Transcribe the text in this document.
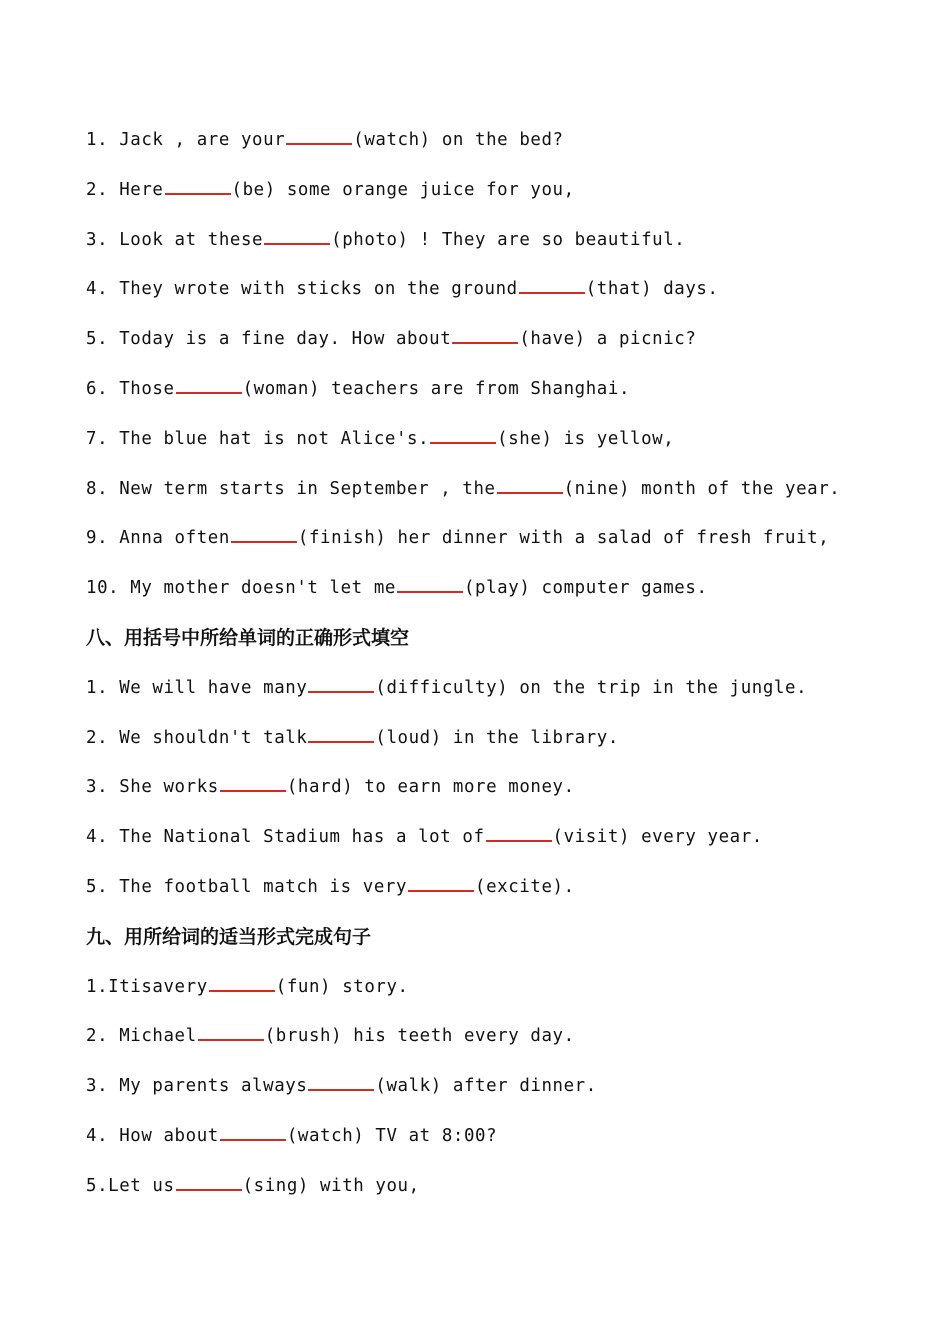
1. Jack , are your	(watch) on the bed?
2. Here	(be) some orange juice for you,
3. Look at these	(photo) ! They are so beautiful.
4. They wrote with sticks on the ground	(that) days.
5. Today is a fine day. How about	(have) a picnic?
6. Those	(woman) teachers are from Shanghai.
7. The blue hat is not Alice's.	(she) is yellow,
8. New term starts in September , the	(nine) month of the year.
9. Anna often	(finish) her dinner with a salad of fresh fruit,
10. My mother doesn't let me	(play) computer games.
八、用括号中所给单词的正确形式填空
1. We will have many	(difficulty) on the trip in the jungle.
2. We shouldn't talk	(loud) in the library.
3. She works	(hard) to earn more money.
4. The National Stadium has a lot of	(visit) every year.
5. The football match is very	(excite).
九、用所给词的适当形式完成句子
1.Itisavery	(fun) story.
2. Michael	(brush) his teeth every day.
3. My parents always	(walk) after dinner.
4. How about	(watch) TV at 8:00?
5.Let us	(sing) with you,
